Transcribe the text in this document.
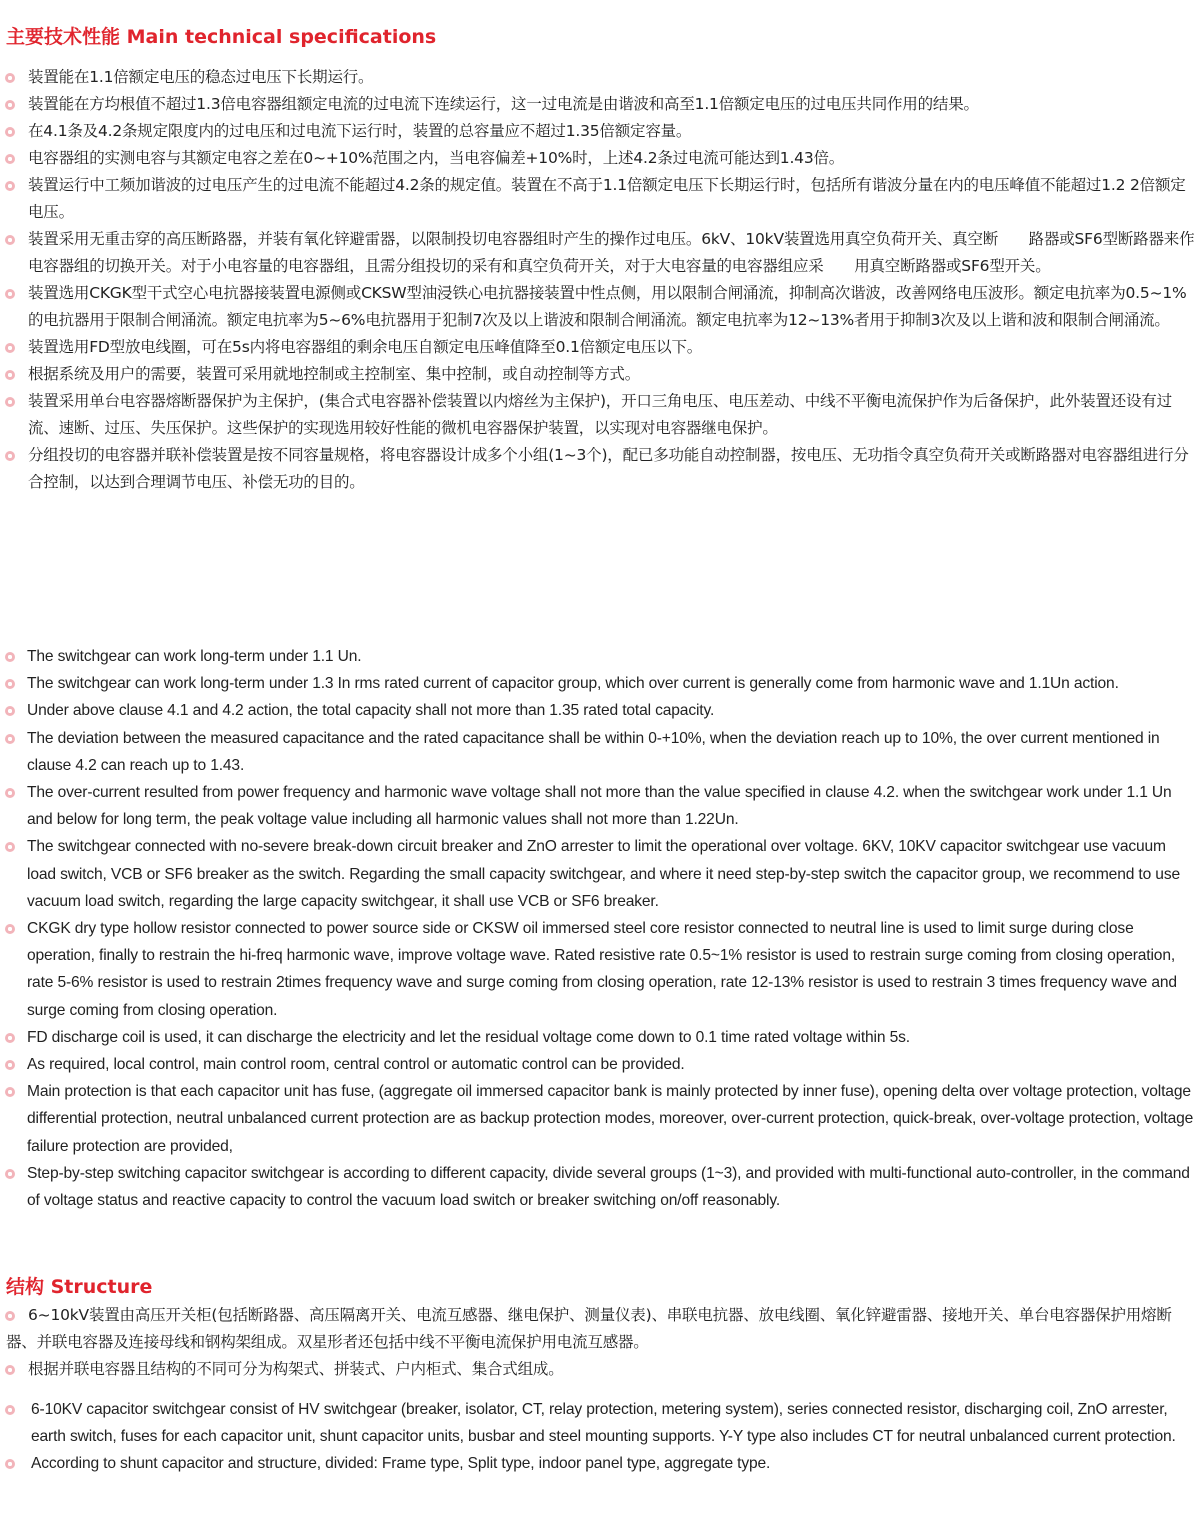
主要技术性能 Main technical specifications
装置能在1.1倍额定电压的稳态过电压下长期运行。
装置能在方均根值不超过1.3倍电容器组额定电流的过电流下连续运行，这一过电流是由谐波和高至1.1倍额定电压的过电压共同作用的结果。
在4.1条及4.2条规定限度内的过电压和过电流下运行时，装置的总容量应不超过1.35倍额定容量。
电容器组的实测电容与其额定电容之差在0~+10%范围之内，当电容偏差+10%时，上述4.2条过电流可能达到1.43倍。
装置运行中工频加谐波的过电压产生的过电流不能超过4.2条的规定值。装置在不高于1.1倍额定电压下长期运行时，包括所有谐波分量在内的电压峰值不能超过1.2 2倍额定电压。
装置采用无重击穿的高压断路器，并装有氧化锌避雷器，以限制投切电容器组时产生的操作过电压。6kV、10kV装置选用真空负荷开关、真空断　　路器或SF6型断路器来作电容器组的切换开关。对于小电容量的电容器组，且需分组投切的采有和真空负荷开关，对于大电容量的电容器组应采　　用真空断路器或SF6型开关。
装置选用CKGK型干式空心电抗器接装置电源侧或CKSW型油浸铁心电抗器接装置中性点侧，用以限制合闸涌流，抑制高次谐波，改善网络电压波形。额定电抗率为0.5~1%的电抗器用于限制合闸涌流。额定电抗率为5~6%电抗器用于犯制7次及以上谐波和限制合闸涌流。额定电抗率为12~13%者用于抑制3次及以上谐和波和限制合闸涌流。
装置选用FD型放电线圈，可在5s内将电容器组的剩余电压自额定电压峰值降至0.1倍额定电压以下。
根据系统及用户的需要，装置可采用就地控制或主控制室、集中控制，或自动控制等方式。
装置采用单台电容器熔断器保护为主保护，(集合式电容器补偿装置以内熔丝为主保护)，开口三角电压、电压差动、中线不平衡电流保护作为后备保护，此外装置还设有过流、速断、过压、失压保护。这些保护的实现选用较好性能的微机电容器保护装置，以实现对电容器继电保护。
分组投切的电容器并联补偿装置是按不同容量规格，将电容器设计成多个小组(1~3个)，配已多功能自动控制器，按电压、无功指令真空负荷开关或断路器对电容器组进行分合控制，以达到合理调节电压、补偿无功的目的。
The switchgear can work long-term under 1.1 Un.
The switchgear can work long-term under 1.3 In rms rated current of capacitor group, which over current is generally come from harmonic wave and 1.1Un action.
Under above clause 4.1 and 4.2 action, the total capacity shall not more than 1.35 rated total capacity.
The deviation between the measured capacitance and the rated capacitance shall be within 0-+10%, when the deviation reach up to 10%, the over current mentioned in clause 4.2 can reach up to 1.43.
The over-current resulted from power frequency and harmonic wave voltage shall not more than the value specified in clause 4.2. when the switchgear work under 1.1 Un and below for long term, the peak voltage value including all harmonic values shall not more than 1.22Un.
The switchgear connected with no-severe break-down circuit breaker and ZnO arrester to limit the operational over voltage. 6KV, 10KV capacitor switchgear use vacuum load switch, VCB or SF6 breaker as the switch. Regarding the small capacity switchgear, and where it need step-by-step switch the capacitor group, we recommend to use vacuum load switch, regarding the large capacity switchgear, it shall use VCB or SF6 breaker.
CKGK dry type hollow resistor connected to power source side or CKSW oil immersed steel core resistor connected to neutral line is used to limit surge during close operation, finally to restrain the hi-freq harmonic wave, improve voltage wave. Rated resistive rate 0.5~1% resistor is used to restrain surge coming from closing operation, rate 5-6% resistor is used to restrain 2times frequency wave and surge coming from closing operation, rate 12-13% resistor is used to restrain 3 times frequency wave and surge coming from closing operation.
FD discharge coil is used, it can discharge the electricity and let the residual voltage come down to 0.1 time rated voltage within 5s.
As required, local control, main control room, central control or automatic control can be provided.
Main protection is that each capacitor unit has fuse, (aggregate oil immersed capacitor bank is mainly protected by inner fuse), opening delta over voltage protection, voltage differential protection, neutral unbalanced current protection are as backup protection modes, moreover, over-current protection, quick-break, over-voltage protection, voltage failure protection are provided,
Step-by-step switching capacitor switchgear is according to different capacity, divide several groups (1~3), and provided with multi-functional auto-controller, in the command of voltage status and reactive capacity to control the vacuum load switch or breaker switching on/off reasonably.
结构 Structure
6~10kV装置由高压开关柜(包括断路器、高压隔离开关、电流互感器、继电保护、测量仪表)、串联电抗器、放电线圈、氧化锌避雷器、接地开关、单台电容器保护用熔断器、并联电容器及连接母线和钢构架组成。双星形者还包括中线不平衡电流保护用电流互感器。
根据并联电容器且结构的不同可分为构架式、拼装式、户内柜式、集合式组成。
6-10KV capacitor switchgear consist of HV switchgear (breaker, isolator, CT, relay protection, metering system), series connected resistor, discharging coil, ZnO arrester, earth switch, fuses for each capacitor unit, shunt capacitor units, busbar and steel mounting supports. Y-Y type also includes CT for neutral unbalanced current protection.
According to shunt capacitor and structure, divided: Frame type, Split type, indoor panel type, aggregate type.
